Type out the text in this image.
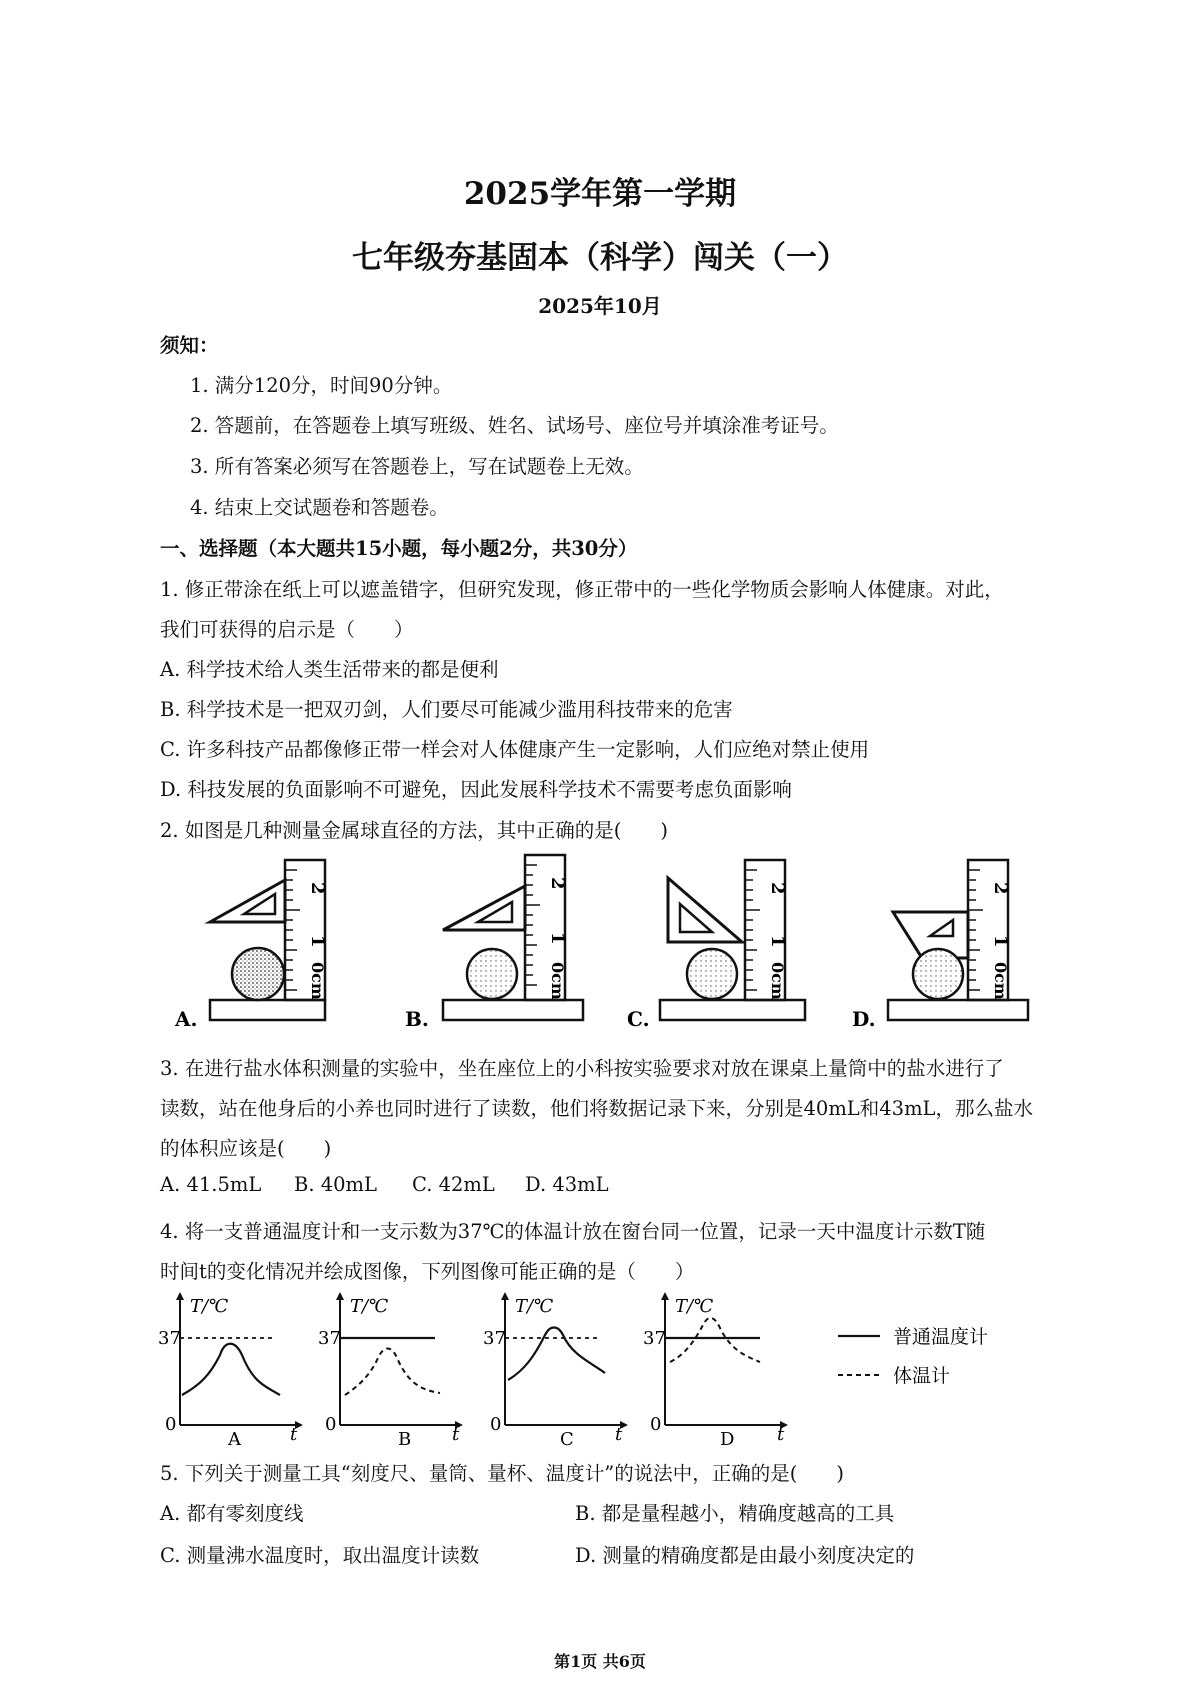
2025学年第一学期
七年级夯基固本（科学）闯关（一）
2025年10月
须知：
1. 满分120分，时间90分钟。
2. 答题前，在答题卷上填写班级、姓名、试场号、座位号并填涂准考证号。
3. 所有答案必须写在答题卷上，写在试题卷上无效。
4. 结束上交试题卷和答题卷。
一、选择题（本大题共15小题，每小题2分，共30分）
1. 修正带涂在纸上可以遮盖错字，但研究发现，修正带中的一些化学物质会影响人体健康。对此，
我们可获得的启示是（　　）
A. 科学技术给人类生活带来的都是便利
B. 科学技术是一把双刃剑，人们要尽可能减少滥用科技带来的危害
C. 许多科技产品都像修正带一样会对人体健康产生一定影响，人们应绝对禁止使用
D. 科技发展的负面影响不可避免，因此发展科学技术不需要考虑负面影响
2. 如图是几种测量金属球直径的方法，其中正确的是(　　)
2
1
0cm
A.
2
1
0cm
B.
2
1
0cm
C.
2
1
0cm
D.
3. 在进行盐水体积测量的实验中，坐在座位上的小科按实验要求对放在课桌上量筒中的盐水进行了
读数，站在他身后的小养也同时进行了读数，他们将数据记录下来，分别是40mL和43mL，那么盐水
的体积应该是(　　)
A. 41.5mL B. 40mL C. 42mL D. 43mL
4. 将一支普通温度计和一支示数为37℃的体温计放在窗台同一位置，记录一天中温度计示数T随
时间t的变化情况并绘成图像，下列图像可能正确的是（　　）
T/℃
37
0	t
A
T/℃
37
0	t
B
T/℃
37
0	t
C
T/℃
37
0	t
D
普通温度计
体温计
5. 下列关于测量工具“刻度尺、量筒、量杯、温度计”的说法中，正确的是(　　)
A. 都有零刻度线	B. 都是量程越小，精确度越高的工具
C. 测量沸水温度时，取出温度计读数	D. 测量的精确度都是由最小刻度决定的
第1页 共6页
